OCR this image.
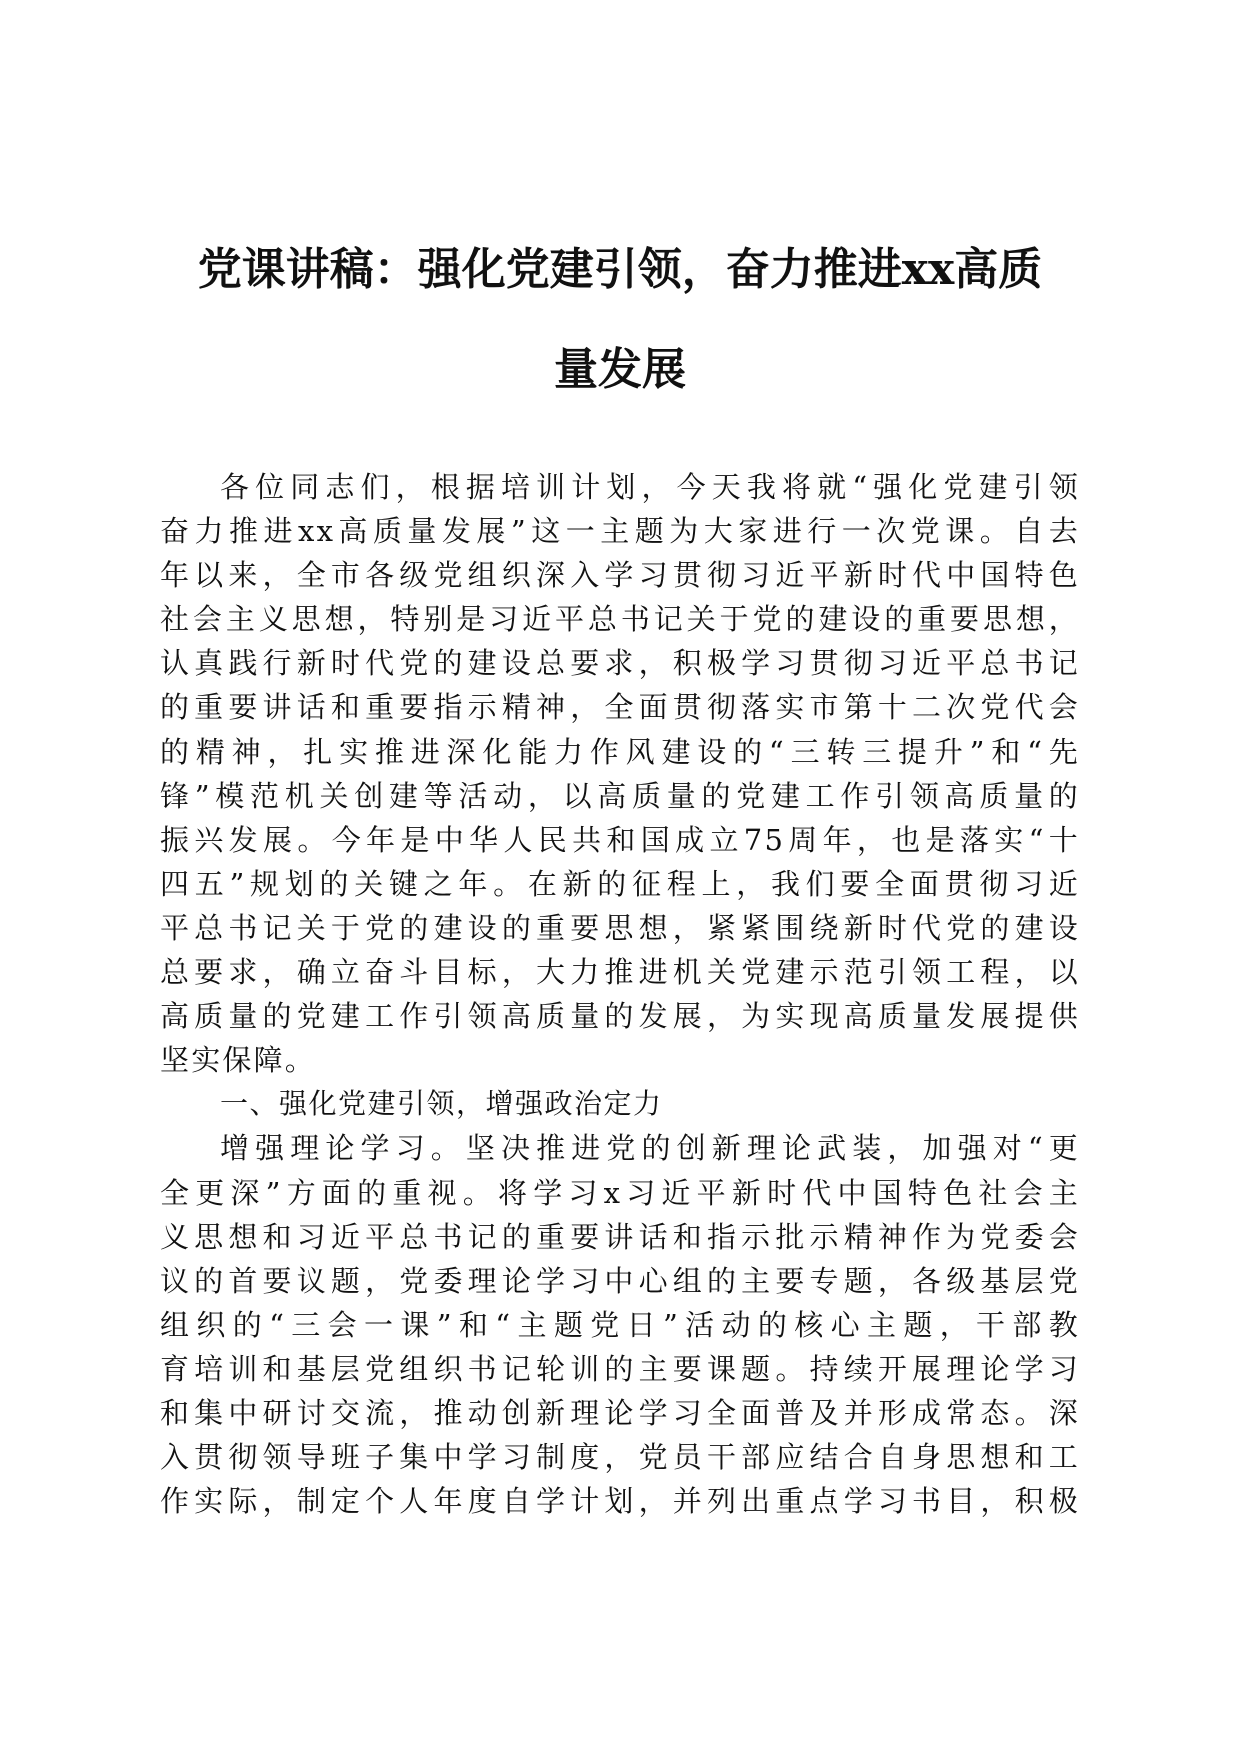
党课讲稿：强化党建引领，奋力推进xx高质
量发展
各位同志们，根据培训计划，今天我将就“强化党建引领
奋力推进xx高质量发展”这一主题为大家进行一次党课。自去
年以来，全市各级党组织深入学习贯彻习近平新时代中国特色
社会主义思想，特别是习近平总书记关于党的建设的重要思想，
认真践行新时代党的建设总要求，积极学习贯彻习近平总书记
的重要讲话和重要指示精神，全面贯彻落实市第十二次党代会
的精神，扎实推进深化能力作风建设的“三转三提升”和“先
锋”模范机关创建等活动，以高质量的党建工作引领高质量的
振兴发展。今年是中华人民共和国成立75周年，也是落实“十
四五”规划的关键之年。在新的征程上，我们要全面贯彻习近
平总书记关于党的建设的重要思想，紧紧围绕新时代党的建设
总要求，确立奋斗目标，大力推进机关党建示范引领工程，以
高质量的党建工作引领高质量的发展，为实现高质量发展提供
坚实保障。
一、强化党建引领，增强政治定力
增强理论学习。坚决推进党的创新理论武装，加强对“更
全更深”方面的重视。将学习x习近平新时代中国特色社会主
义思想和习近平总书记的重要讲话和指示批示精神作为党委会
议的首要议题，党委理论学习中心组的主要专题，各级基层党
组织的“三会一课”和“主题党日”活动的核心主题，干部教
育培训和基层党组织书记轮训的主要课题。持续开展理论学习
和集中研讨交流，推动创新理论学习全面普及并形成常态。深
入贯彻领导班子集中学习制度，党员干部应结合自身思想和工
作实际，制定个人年度自学计划，并列出重点学习书目，积极
